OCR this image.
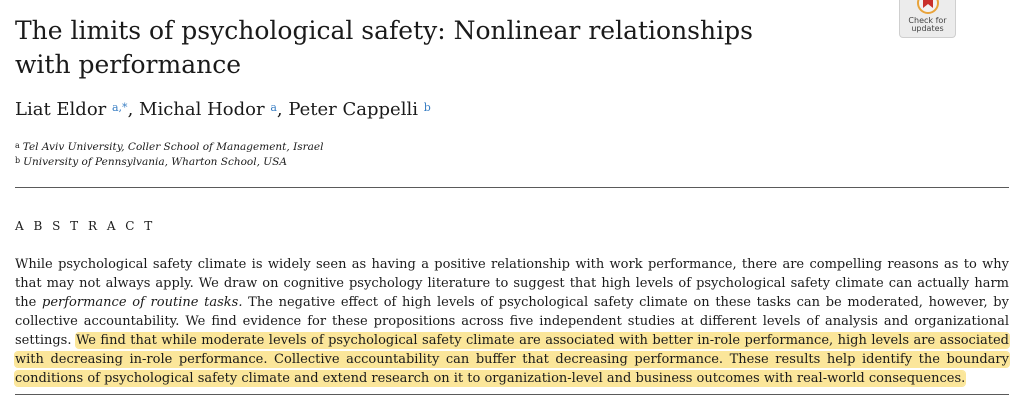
Check for
updates
The limits of psychological safety: Nonlinear relationships with performance
Liat Eldor $^{a,*}$, Michal Hodor $^a$, Peter Cappelli $^b$
$^a$ Tel Aviv University, Coller School of Management, Israel
$^b$ University of Pennsylvania, Wharton School, USA
A B S T R A C T

While psychological safety climate is widely seen as having a positive relationship with work performance, there are compelling reasons as to why that may not always apply. We draw on cognitive psychology literature to suggest that high levels of psychological safety climate can actually harm the performance of routine tasks. The negative effect of high levels of psychological safety climate on these tasks can be moderated, however, by collective accountability. We find evidence for these propositions across five independent studies at different levels of analysis and organizational settings. We find that while moderate levels of psychological safety climate are associated with better in-role performance, high levels are associated with decreasing in-role performance. Collective accountability can buffer that decreasing performance. These results help identify the boundary conditions of psychological safety climate and extend research on it to organization-level and business outcomes with real-world consequences.
